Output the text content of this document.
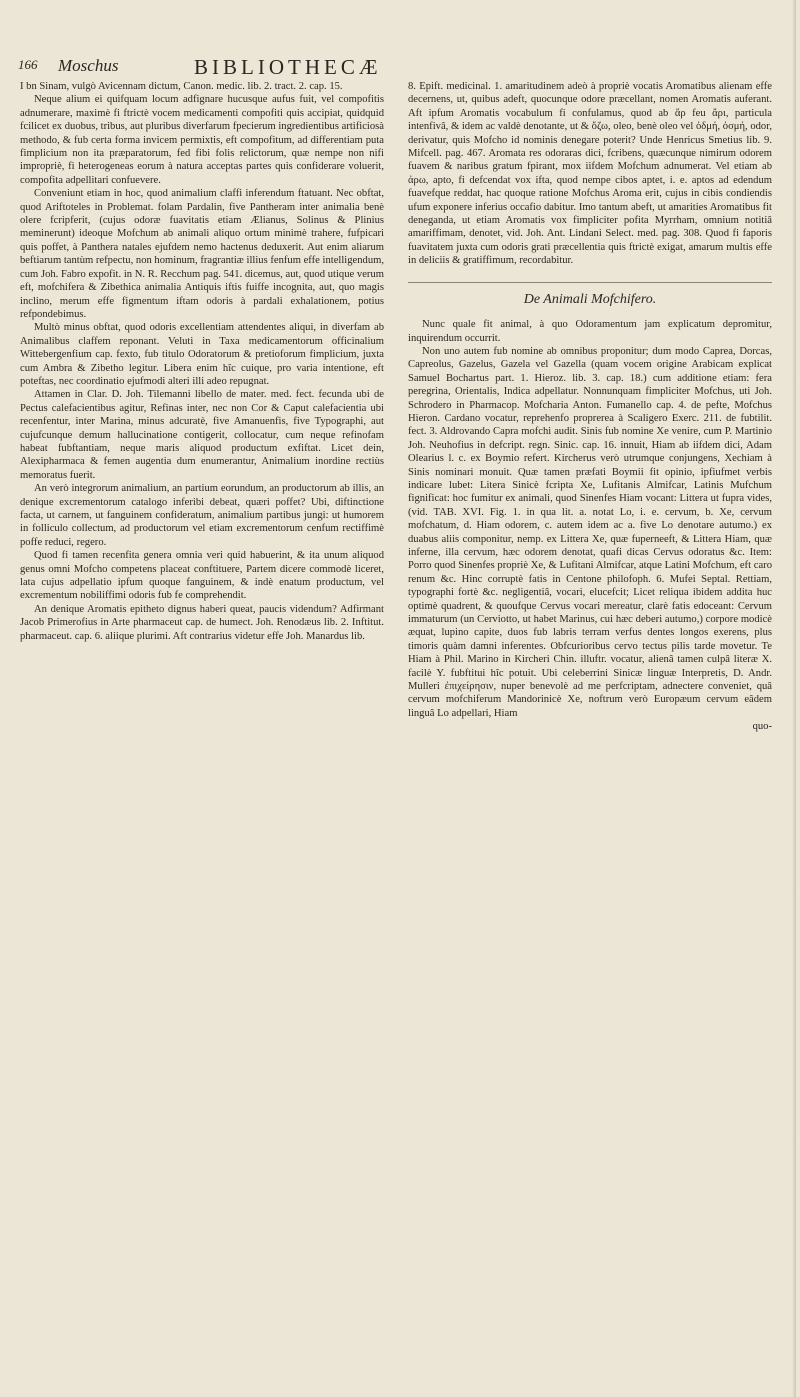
166 Moschus	BIBLIOTHECÆ

I bn Sinam, vulgò Avicennam dictum, Canon. medic. lib. 2. tract. 2. cap. 15.

Neque alium ei quifquam locum adfignare hucusque aufus fuit, vel compofitis adnumerare, maximè fi ftrictè vocem medicamenti compofiti quis accipiat, quidquid fcilicet ex duobus, tribus, aut pluribus diverfarum fpecierum ingredientibus artificiosà methodo, & fub certa forma invicem permixtis, eft compofitum, ad differentiam puta fimplicium non ita præparatorum, fed fibi folis relictorum, quæ nempe non nifi impropriè, fi heterogeneas eorum à natura acceptas partes quis confiderare voluerit, compofita adpellitari confuevere.

Conveniunt etiam in hoc, quod animalium claffi inferendum ftatuant. Nec obftat, quod Ariftoteles in Problemat. folam Pardalin, five Pantheram inter animalia benè olere fcripferit, (cujus odoræ fuavitatis etiam Ælianus, Solinus & Plinius meminerunt) ideoque Mofchum ab animali aliquo ortum minimè trahere, fufpicari quis poffet, à Panthera natales ejufdem nemo hactenus deduxerit. Aut enim aliarum beftiarum tantùm refpectu, non hominum, fragrantiæ illius fenfum effe intelligendum, cum Joh. Fabro expofit. in N. R. Recchum pag. 541. dicemus, aut, quod utique verum eft, mofchifera & Zibethica animalia Antiquis iftis fuiffe incognita, aut, quo magis inclino, merum effe figmentum iftam odoris à pardali exhalationem, potius refpondebimus.

Multò minus obftat, quod odoris excellentiam attendentes aliqui, in diverfam ab Animalibus claffem reponant. Veluti in Taxa medicamentorum officinalium Wittebergenfium cap. fexto, fub titulo Odoratorum & pretioforum fimplicium, juxta cum Ambra & Zibetho legitur. Libera enim hîc cuique, pro varia intentione, eft poteftas, nec coordinatio ejufmodi alteri illi adeo repugnat.

Attamen in Clar. D. Joh. Tilemanni libello de mater. med. fect. fecunda ubi de Pectus calefacientibus agitur, Refinas inter, nec non Cor & Caput calefacientia ubi recenfentur, inter Marina, minus adcuratè, five Amanuenfis, five Typographi, aut cujufcunque demum hallucinatione contigerit, collocatur, cum neque refinofam habeat fubftantiam, neque maris aliquod productum exfiftat. Licet dein, Alexipharmaca & femen augentia dum enumerantur, Animalium inordine rectiùs memoratus fuerit.

An verò integrorum animalium, an partium eorundum, an productorum ab illis, an denique excrementorum catalogo inferibi debeat, quæri poffet? Ubi, diftinctione facta, ut carnem, ut fanguinem confideratum, animalium partibus jungi: ut humorem in folliculo collectum, ad productorum vel etiam excrementorum cenfum rectiffimè poffe reduci, regero.

Quod fi tamen recenfita genera omnia veri quid habuerint, & ita unum aliquod genus omni Mofcho competens placeat conftituere, Partem dicere commodè liceret, lata cujus adpellatio ipfum quoque fanguinem, & indè enatum productum, vel excrementum nobiliffimi odoris fub fe comprehendit.

An denique Aromatis epitheto dignus haberi queat, paucis videndum? Adfirmant Jacob Primerofius in Arte pharmaceut cap. de humect. Joh. Renodæus lib. 2. Inftitut. pharmaceut. cap. 6. aliique plurimi. Aft contrarius videtur effe Joh. Manardus lib.

8. Epift. medicinal. 1. amaritudinem adeò à propriè vocatis Aromatibus alienam effe decernens, ut, quibus adeft, quocunque odore præcellant, nomen Aromatis auferant. Aft ipfum Aromatis vocabulum fi confulamus, quod ab ἄρ feu ἄρι, particula intenfivâ, & idem ac valdè denotante, ut & ὄζω, oleo, benè oleo vel ὀδμή, ὀσμή, odor, derivatur, quis Mofcho id nominis denegare poterit? Unde Henricus Smetius lib. 9. Mifcell. pag. 467. Aromata res odoraras dici, fcribens, quæcunque nimirum odorem fuavem & naribus gratum fpirant, mox iifdem Mofchum adnumerat. Vel etiam ab ἀρω, apto, fi defcendat vox ifta, quod nempe cibos aptet, i. e. aptos ad edendum fuavefque reddat, hac quoque ratione Mofchus Aroma erit, cujus in cibis condiendis ufum exponere inferius occafio dabitur. Imo tantum abeft, ut amarities Aromatibus fit deneganda, ut etiam Aromatis vox fimpliciter pofita Myrrham, omnium notitiâ amariffimam, denotet, vid. Joh. Ant. Lindani Select. med. pag. 308. Quod fi faporis fuavitatem juxta cum odoris grati præcellentia quis ftrictè exigat, amarum multis effe in deliciis & gratiffimum, recordabitur.

De Animali Mofchifero.

Nunc quale fit animal, à quo Odoramentum jam explicatum depromitur, inquirendum occurrit.

Non uno autem fub nomine ab omnibus proponitur; dum modo Caprea, Dorcas, Capreolus, Gazelus, Gazela vel Gazella (quam vocem origine Arabicam explicat Samuel Bochartus part. 1. Hieroz. lib. 3. cap. 18.) cum additione etiam: fera peregrina, Orientalis, Indica adpellatur. Nonnunquam fimpliciter Mofchus, uti Joh. Schrodero in Pharmacop. Mofcharia Anton. Fumanello cap. 4. de pefte, Mofchus Hieron. Cardano vocatur, reprehenfo proprerea à Scaligero Exerc. 211. de fubtilit. fect. 3. Aldrovando Capra mofchi audit. Sinis fub nomine Xe venire, cum P. Martinio Joh. Neuhofius in defcript. regn. Sinic. cap. 16. innuit, Hiam ab iifdem dici, Adam Olearius l. c. ex Boymio refert. Kircherus verò utrumque conjungens, Xechiam à Sinis nominari monuit. Quæ tamen præfati Boymii fit opinio, ipfiufmet verbis indicare lubet: Litera Sinicè fcripta Xe, Lufitanis Almifcar, Latinis Mufchum fignificat: hoc fumitur ex animali, quod Sinenfes Hiam vocant: Littera ut fupra vides, (vid. TAB. XVI. Fig. 1. in qua lit. a. notat Lo, i. e. cervum, b. Xe, cervum mofchatum, d. Hiam odorem, c. autem idem ac a. five Lo denotare autumo.) ex duabus aliis componitur, nemp. ex Littera Xe, quæ fuperneeft, & Littera Hiam, quæ inferne, illa cervum, hæc odorem denotat, quafi dicas Cervus odoratus &c. Item: Porro quod Sinenfes propriè Xe, & Lufitani Almifcar, atque Latini Mofchum, eft caro renum &c. Hinc corruptè fatis in Centone philofoph. 6. Mufei Septal. Rettiam, typographi fortè &c. negligentiâ, vocari, elucefcit; Licet reliqua ibidem addita huc optimè quadrent, & quoufque Cervus vocari mereatur, clarè fatis edoceant: Cervum immaturum (un Cerviotto, ut habet Marinus, cui hæc deberi autumo,) corpore modicè æquat, lupino capite, duos fub labris terram verfus dentes longos exerens, plus timoris quàm damni inferentes. Obfcurioribus cervo tectus pilis tarde movetur. Te Hiam à Phil. Marino in Kircheri Chin. illuftr. vocatur, alienâ tamen culpâ literæ X. facilè Y. fubftitui hîc potuit. Ubi celeberrini Sinicæ linguæ Interpretis, D. Andr. Mulleri ἐπιχείρησιν, nuper benevolè ad me perfcriptam, adnectere conveniet, quâ cervum mofchiferum Mandorinicè Xe, noftrum verò Europæum cervum eâdem linguâ Lo adpellari, Hiam

quo-
